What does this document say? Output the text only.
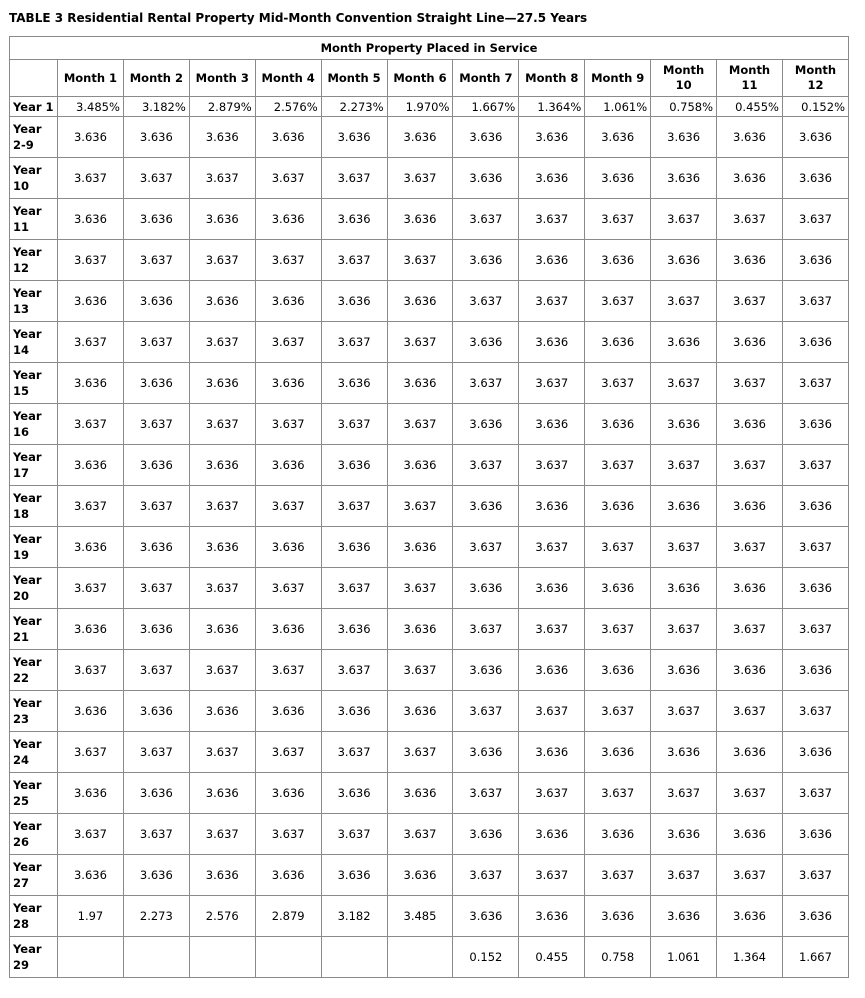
TABLE 3 Residential Rental Property Mid-Month Convention Straight Line—27.5 Years
Month Property Placed in Service												
	Month 1	Month 2	Month 3	Month 4	Month 5	Month 6	Month 7	Month 8	Month 9	Month 10	Month 11	Month 12
Year 1	3.485%	3.182%	2.879%	2.576%	2.273%	1.970%	1.667%	1.364%	1.061%	0.758%	0.455%	0.152%
Year 2-9	3.636	3.636	3.636	3.636	3.636	3.636	3.636	3.636	3.636	3.636	3.636	3.636
Year 10	3.637	3.637	3.637	3.637	3.637	3.637	3.636	3.636	3.636	3.636	3.636	3.636
Year 11	3.636	3.636	3.636	3.636	3.636	3.636	3.637	3.637	3.637	3.637	3.637	3.637
Year 12	3.637	3.637	3.637	3.637	3.637	3.637	3.636	3.636	3.636	3.636	3.636	3.636
Year 13	3.636	3.636	3.636	3.636	3.636	3.636	3.637	3.637	3.637	3.637	3.637	3.637
Year 14	3.637	3.637	3.637	3.637	3.637	3.637	3.636	3.636	3.636	3.636	3.636	3.636
Year 15	3.636	3.636	3.636	3.636	3.636	3.636	3.637	3.637	3.637	3.637	3.637	3.637
Year 16	3.637	3.637	3.637	3.637	3.637	3.637	3.636	3.636	3.636	3.636	3.636	3.636
Year 17	3.636	3.636	3.636	3.636	3.636	3.636	3.637	3.637	3.637	3.637	3.637	3.637
Year 18	3.637	3.637	3.637	3.637	3.637	3.637	3.636	3.636	3.636	3.636	3.636	3.636
Year 19	3.636	3.636	3.636	3.636	3.636	3.636	3.637	3.637	3.637	3.637	3.637	3.637
Year 20	3.637	3.637	3.637	3.637	3.637	3.637	3.636	3.636	3.636	3.636	3.636	3.636
Year 21	3.636	3.636	3.636	3.636	3.636	3.636	3.637	3.637	3.637	3.637	3.637	3.637
Year 22	3.637	3.637	3.637	3.637	3.637	3.637	3.636	3.636	3.636	3.636	3.636	3.636
Year 23	3.636	3.636	3.636	3.636	3.636	3.636	3.637	3.637	3.637	3.637	3.637	3.637
Year 24	3.637	3.637	3.637	3.637	3.637	3.637	3.636	3.636	3.636	3.636	3.636	3.636
Year 25	3.636	3.636	3.636	3.636	3.636	3.636	3.637	3.637	3.637	3.637	3.637	3.637
Year 26	3.637	3.637	3.637	3.637	3.637	3.637	3.636	3.636	3.636	3.636	3.636	3.636
Year 27	3.636	3.636	3.636	3.636	3.636	3.636	3.637	3.637	3.637	3.637	3.637	3.637
Year 28	1.97	2.273	2.576	2.879	3.182	3.485	3.636	3.636	3.636	3.636	3.636	3.636
Year 29							0.152	0.455	0.758	1.061	1.364	1.667
